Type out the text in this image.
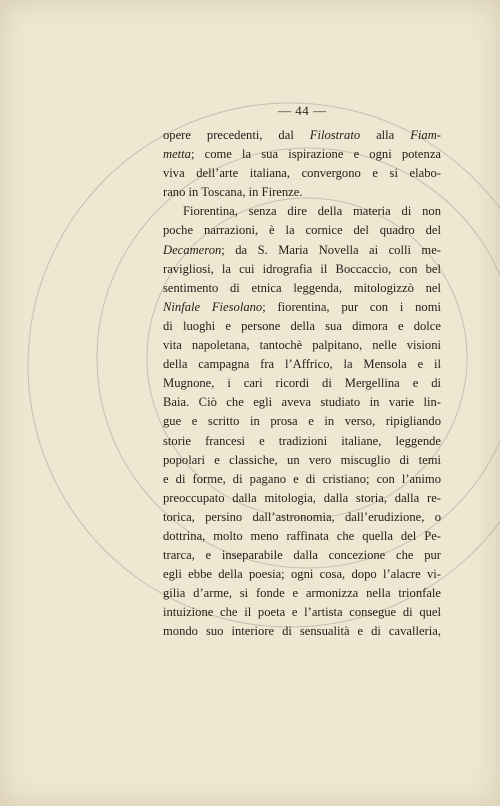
— 44 —
opere precedenti, dal Filostrato alla Fiam-
metta; come la sua ispirazione e ogni potenza
viva dell’arte italiana, convergono e si elabo-
rano in Toscana, in Firenze.
Fiorentina, senza dire della materia di non
poche narrazioni, è la cornice del quadro del
Decameron; da S. Maria Novella ai colli me-
ravigliosi, la cui idrografia il Boccaccio, con bel
sentimento di etnica leggenda, mitologizzò nel
Ninfale Fiesolano; fiorentina, pur con i nomi
di luoghi e persone della sua dimora e dolce
vita napoletana, tantochè palpitano, nelle visioni
della campagna fra l’Affrico, la Mensola e il
Mugnone, i cari ricordi di Mergellina e di
Baia. Ciò che egli aveva studiato in varie lin-
gue e scritto in prosa e in verso, ripigliando
storie francesi e tradizioni italiane, leggende
popolari e classiche, un vero miscuglio di temi
e di forme, di pagano e di cristiano; con l’animo
preoccupato dalla mitologia, dalla storia, dalla re-
torica, persino dall’astronomia, dall’erudizione, o
dottrina, molto meno raffinata che quella del Pe-
trarca, e inseparabile dalla concezione che pur
egli ebbe della poesia; ogni cosa, dopo l’alacre vi-
gilia d’arme, si fonde e armonizza nella trionfale
intuizione che il poeta e l’artista consegue di quel
mondo suo interiore di sensualità e di cavalleria,
